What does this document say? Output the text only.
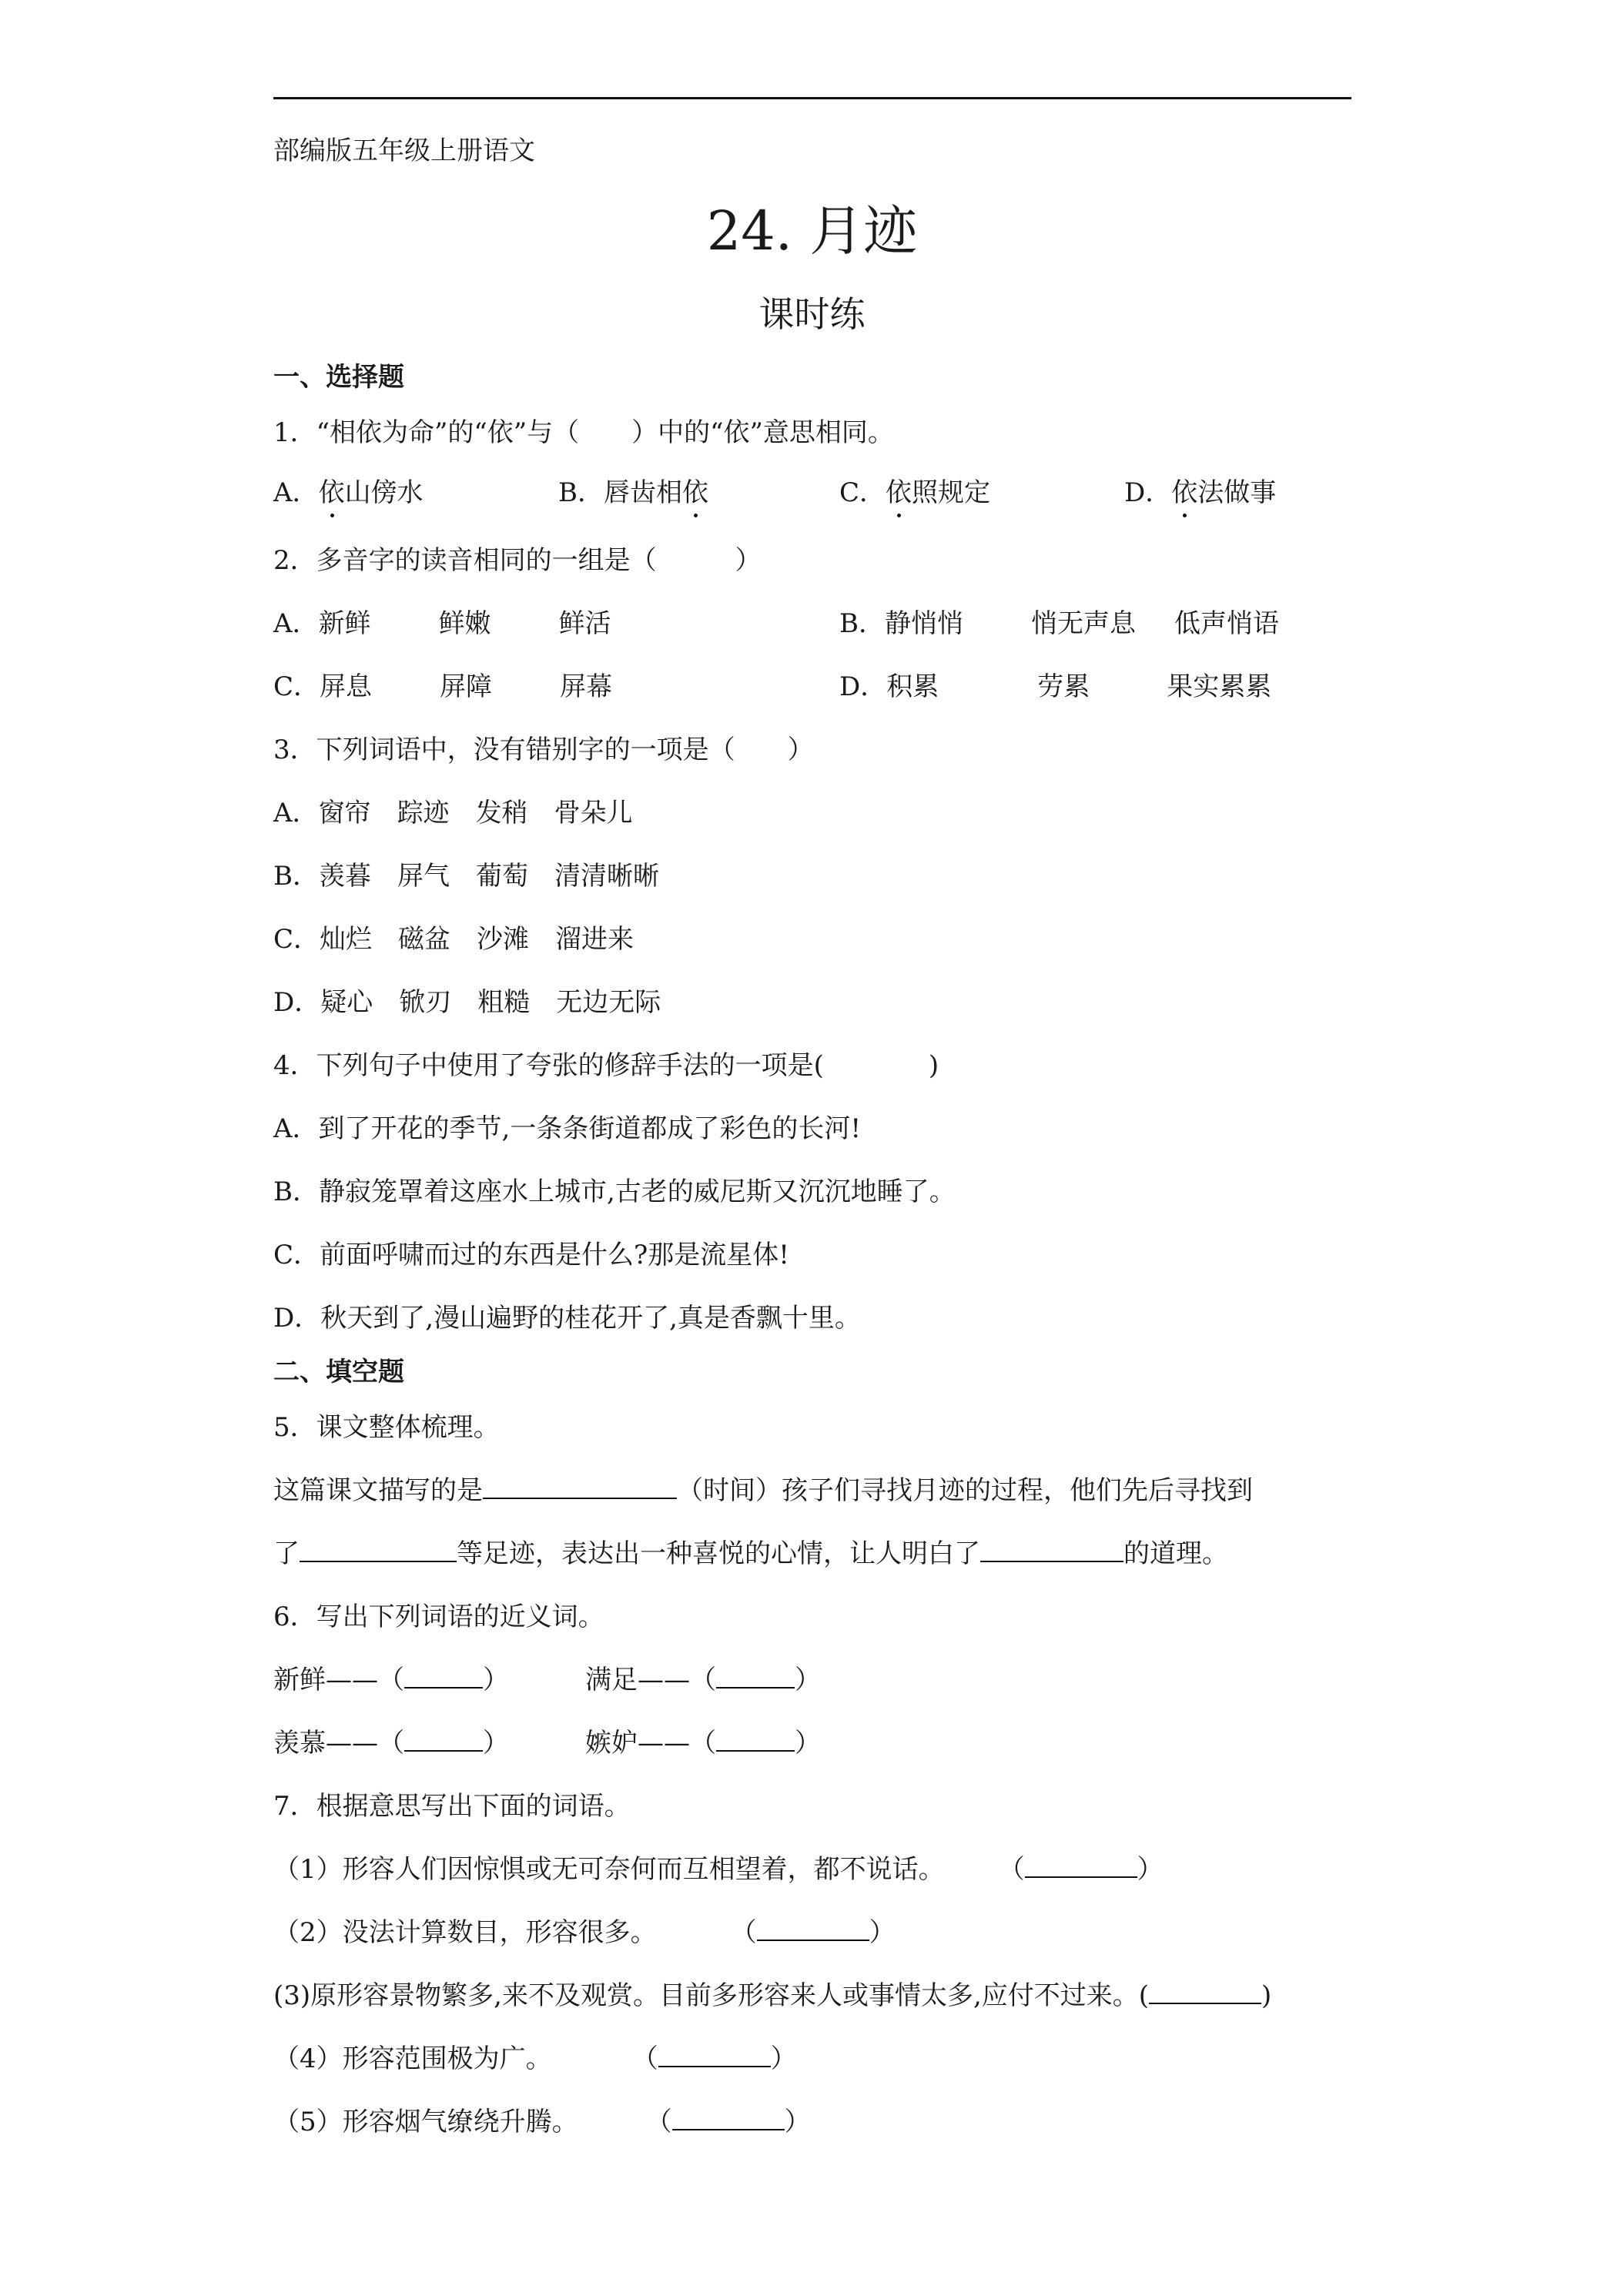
部编版五年级上册语文
24. 月迹
课时练
一、选择题
1．“相依为命”的“依”与（　　）中的“依”意思相同。
A．依山傍水	B．唇齿相依	C．依照规定	D．依法做事
2．多音字的读音相同的一组是（　　　）
A．新鲜	鲜嫩	鲜活	B．静悄悄	悄无声息 低声悄语
C．屏息	屏障	屏幕	D．积累	劳累	果实累累
3．下列词语中，没有错别字的一项是（　　）
A．窗帘 踪迹 发稍 骨朵儿
B．羡暮 屏气 葡萄 清清晰晰
C．灿烂 磁盆 沙滩 溜进来
D．疑心 锨刃 粗糙 无边无际
4．下列句子中使用了夸张的修辞手法的一项是(　　　　)
A．到了开花的季节,一条条街道都成了彩色的长河!
B．静寂笼罩着这座水上城市,古老的威尼斯又沉沉地睡了。
C．前面呼啸而过的东西是什么?那是流星体!
D．秋天到了,漫山遍野的桂花开了,真是香飘十里。
二、填空题
5．课文整体梳理。
这篇课文描写的是	（时间）孩子们寻找月迹的过程，他们先后寻找到
了	等足迹，表达出一种喜悦的心情，让人明白了	的道理。
6．写出下列词语的近义词。
新鲜——（	）	满足——（	）
羡慕——（	）	嫉妒——（	）
7．根据意思写出下面的词语。
（1）形容人们因惊惧或无可奈何而互相望着，都不说话。 （	）
（2）没法计算数目，形容很多。	（	）
(3)原形容景物繁多,来不及观赏。目前多形容来人或事情太多,应付不过来。(	)
（4）形容范围极为广。	（	）
（5）形容烟气缭绕升腾。	（	）
